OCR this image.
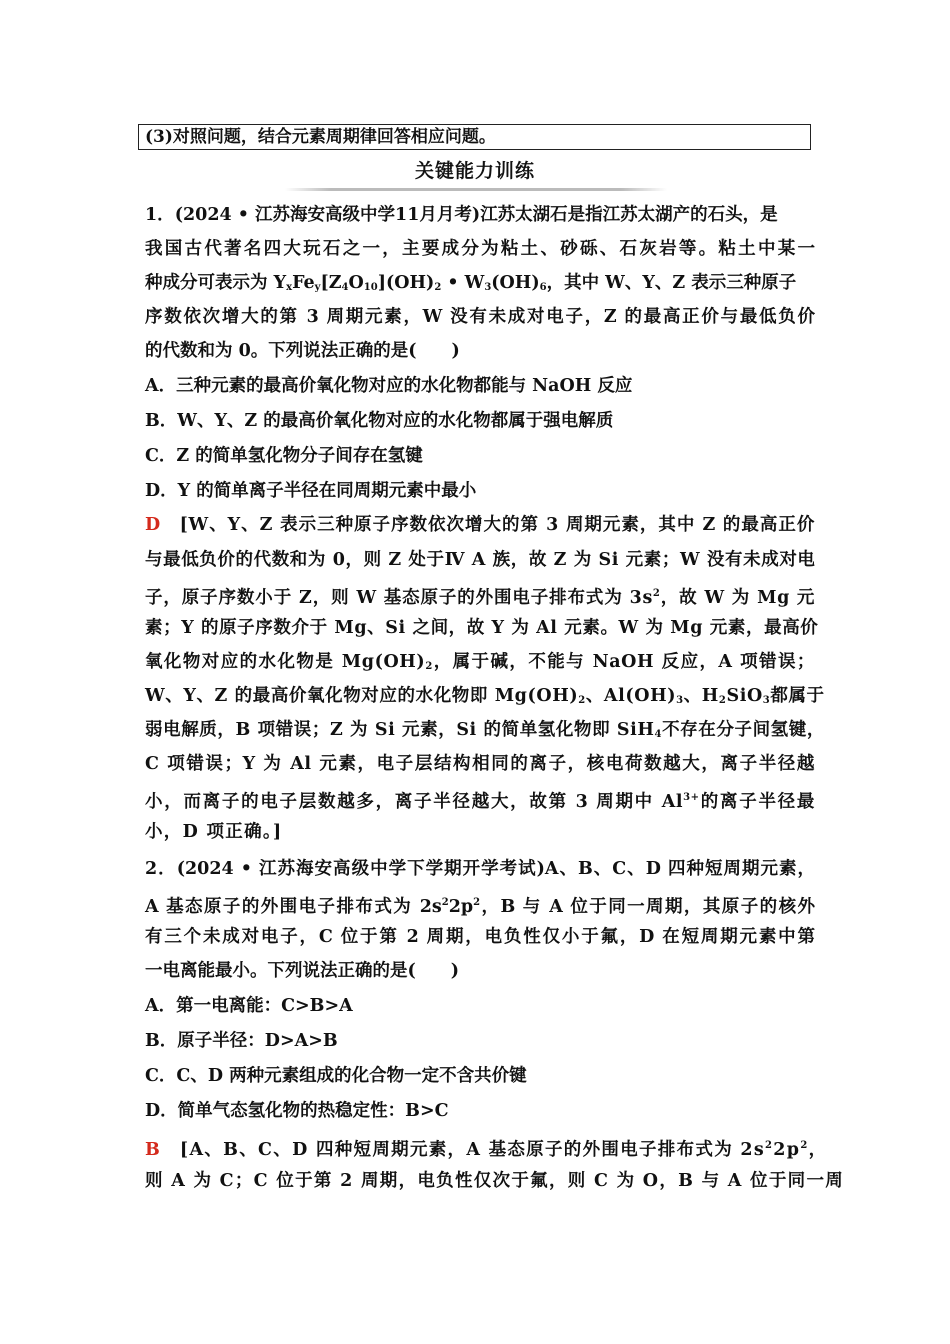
(3)对照问题，结合元素周期律回答相应问题。
关键能力训练
1．(2024 • 江苏海安高级中学11月月考)江苏太湖石是指江苏太湖产的石头，是
我国古代著名四大玩石之一，主要成分为粘土、砂砾、石灰岩等。粘土中某一
种成分可表示为 $Y_xFe_y[Z_4O_{10}](OH)_2$ • $W_3(OH)_6$，其中 W、Y、Z 表示三种原子
序数依次增大的第 3 周期元素，W 没有未成对电子，Z 的最高正价与最低负价
的代数和为 0。下列说法正确的是(　　)
A．三种元素的最高价氧化物对应的水化物都能与 NaOH 反应
B．W、Y、Z 的最高价氧化物对应的水化物都属于强电解质
C．Z 的简单氢化物分子间存在氢键
D．Y 的简单离子半径在同周期元素中最小
D　[W、Y、Z 表示三种原子序数依次增大的第 3 周期元素，其中 Z 的最高正价
与最低负价的代数和为 0，则 Z 处于Ⅳ A 族，故 Z 为 Si 元素；W 没有未成对电
子，原子序数小于 Z，则 W 基态原子的外围电子排布式为 $3s^2$，故 W 为 Mg 元
素；Y 的原子序数介于 Mg、Si 之间，故 Y 为 Al 元素。W 为 Mg 元素，最高价
氧化物对应的水化物是 $Mg(OH)_2$，属于碱，不能与 NaOH 反应，A 项错误；
W、Y、Z 的最高价氧化物对应的水化物即 $Mg(OH)_2$、$Al(OH)_3$、$H_2SiO_3$都属于
弱电解质，B 项错误；Z 为 Si 元素，Si 的简单氢化物即 SiH$_4$不存在分子间氢键，
C 项错误；Y 为 Al 元素，电子层结构相同的离子，核电荷数越大，离子半径越
小，而离子的电子层数越多，离子半径越大，故第 3 周期中 $Al^{3+}$的离子半径最
小，D 项正确。]
2．(2024 • 江苏海安高级中学下学期开学考试)A、B、C、D 四种短周期元素，
A 基态原子的外围电子排布式为 $2s^22p^2$，B 与 A 位于同一周期，其原子的核外
有三个未成对电子，C 位于第 2 周期，电负性仅小于氟，D 在短周期元素中第
一电离能最小。下列说法正确的是(　　)
A．第一电离能：C>B>A
B．原子半径：D>A>B
C．C、D 两种元素组成的化合物一定不含共价键
D．简单气态氢化物的热稳定性：B>C
B　[A、B、C、D 四种短周期元素，A 基态原子的外围电子排布式为 $2s^22p^2$，
则 A 为 C；C 位于第 2 周期，电负性仅次于氟，则 C 为 O，B 与 A 位于同一周
